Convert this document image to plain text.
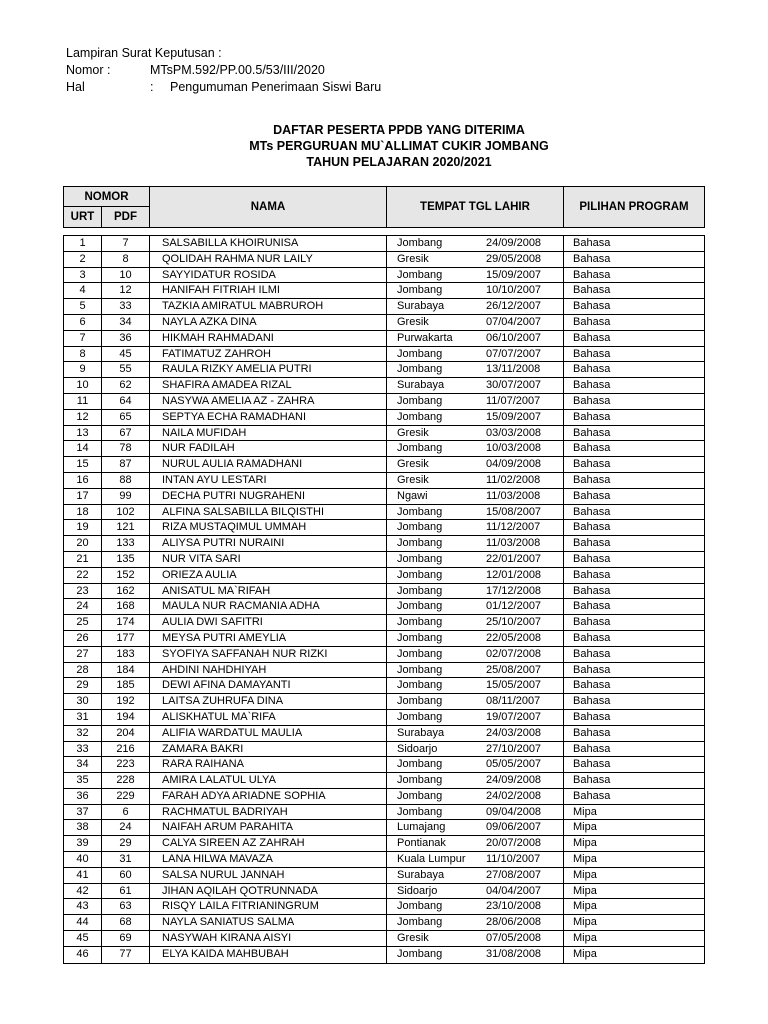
Lampiran Surat Keputusan :
Nomor :	MTsPM.592/PP.00.5/53/III/2020
Hal	:	Pengumuman Penerimaan Siswi Baru
DAFTAR PESERTA PPDB YANG DITERIMA
MTs PERGURUAN MU`ALLIMAT CUKIR JOMBANG
TAHUN PELAJARAN 2020/2021
NOMOR
URT	PDF
NAMA	TEMPAT TGL LAHIR	PILIHAN PROGRAM
1	7	SALSABILLA KHOIRUNISA	Jombang	24/09/2008	Bahasa
2	8	QOLIDAH RAHMA NUR LAILY	Gresik	29/05/2008	Bahasa
3	10	SAYYIDATUR ROSIDA	Jombang	15/09/2007	Bahasa
4	12	HANIFAH FITRIAH ILMI	Jombang	10/10/2007	Bahasa
5	33	TAZKIA AMIRATUL MABRUROH	Surabaya	26/12/2007	Bahasa
6	34	NAYLA AZKA DINA	Gresik	07/04/2007	Bahasa
7	36	HIKMAH RAHMADANI	Purwakarta	06/10/2007	Bahasa
8	45	FATIMATUZ ZAHROH	Jombang	07/07/2007	Bahasa
9	55	RAULA RIZKY AMELIA PUTRI	Jombang	13/11/2008	Bahasa
10	62	SHAFIRA AMADEA RIZAL	Surabaya	30/07/2007	Bahasa
11	64	NASYWA AMELIA AZ - ZAHRA	Jombang	11/07/2007	Bahasa
12	65	SEPTYA ECHA RAMADHANI	Jombang	15/09/2007	Bahasa
13	67	NAILA MUFIDAH	Gresik	03/03/2008	Bahasa
14	78	NUR FADILAH	Jombang	10/03/2008	Bahasa
15	87	NURUL AULIA RAMADHANI	Gresik	04/09/2008	Bahasa
16	88	INTAN AYU LESTARI	Gresik	11/02/2008	Bahasa
17	99	DECHA PUTRI NUGRAHENI	Ngawi	11/03/2008	Bahasa
18	102	ALFINA SALSABILLA BILQISTHI	Jombang	15/08/2007	Bahasa
19	121	RIZA MUSTAQIMUL UMMAH	Jombang	11/12/2007	Bahasa
20	133	ALIYSA PUTRI NURAINI	Jombang	11/03/2008	Bahasa
21	135	NUR VITA SARI	Jombang	22/01/2007	Bahasa
22	152	ORIEZA AULIA	Jombang	12/01/2008	Bahasa
23	162	ANISATUL MA`RIFAH	Jombang	17/12/2008	Bahasa
24	168	MAULA NUR RACMANIA ADHA	Jombang	01/12/2007	Bahasa
25	174	AULIA DWI SAFITRI	Jombang	25/10/2007	Bahasa
26	177	MEYSA PUTRI AMEYLIA	Jombang	22/05/2008	Bahasa
27	183	SYOFIYA SAFFANAH NUR RIZKI	Jombang	02/07/2008	Bahasa
28	184	AHDINI NAHDHIYAH	Jombang	25/08/2007	Bahasa
29	185	DEWI AFINA DAMAYANTI	Jombang	15/05/2007	Bahasa
30	192	LAITSA ZUHRUFA DINA	Jombang	08/11/2007	Bahasa
31	194	ALISKHATUL MA`RIFA	Jombang	19/07/2007	Bahasa
32	204	ALIFIA WARDATUL MAULIA	Surabaya	24/03/2008	Bahasa
33	216	ZAMARA BAKRI	Sidoarjo	27/10/2007	Bahasa
34	223	RARA RAIHANA	Jombang	05/05/2007	Bahasa
35	228	AMIRA LALATUL ULYA	Jombang	24/09/2008	Bahasa
36	229	FARAH ADYA ARIADNE SOPHIA	Jombang	24/02/2008	Bahasa
37	6	RACHMATUL BADRIYAH	Jombang	09/04/2008	Mipa
38	24	NAIFAH ARUM PARAHITA	Lumajang	09/06/2007	Mipa
39	29	CALYA SIREEN AZ ZAHRAH	Pontianak	20/07/2008	Mipa
40	31	LANA HILWA MAVAZA	Kuala Lumpur	11/10/2007	Mipa
41	60	SALSA NURUL JANNAH	Surabaya	27/08/2007	Mipa
42	61	JIHAN AQILAH QOTRUNNADA	Sidoarjo	04/04/2007	Mipa
43	63	RISQY LAILA FITRIANINGRUM	Jombang	23/10/2008	Mipa
44	68	NAYLA SANIATUS SALMA	Jombang	28/06/2008	Mipa
45	69	NASYWAH KIRANA AISYI	Gresik	07/05/2008	Mipa
46	77	ELYA KAIDA MAHBUBAH	Jombang	31/08/2008	Mipa
